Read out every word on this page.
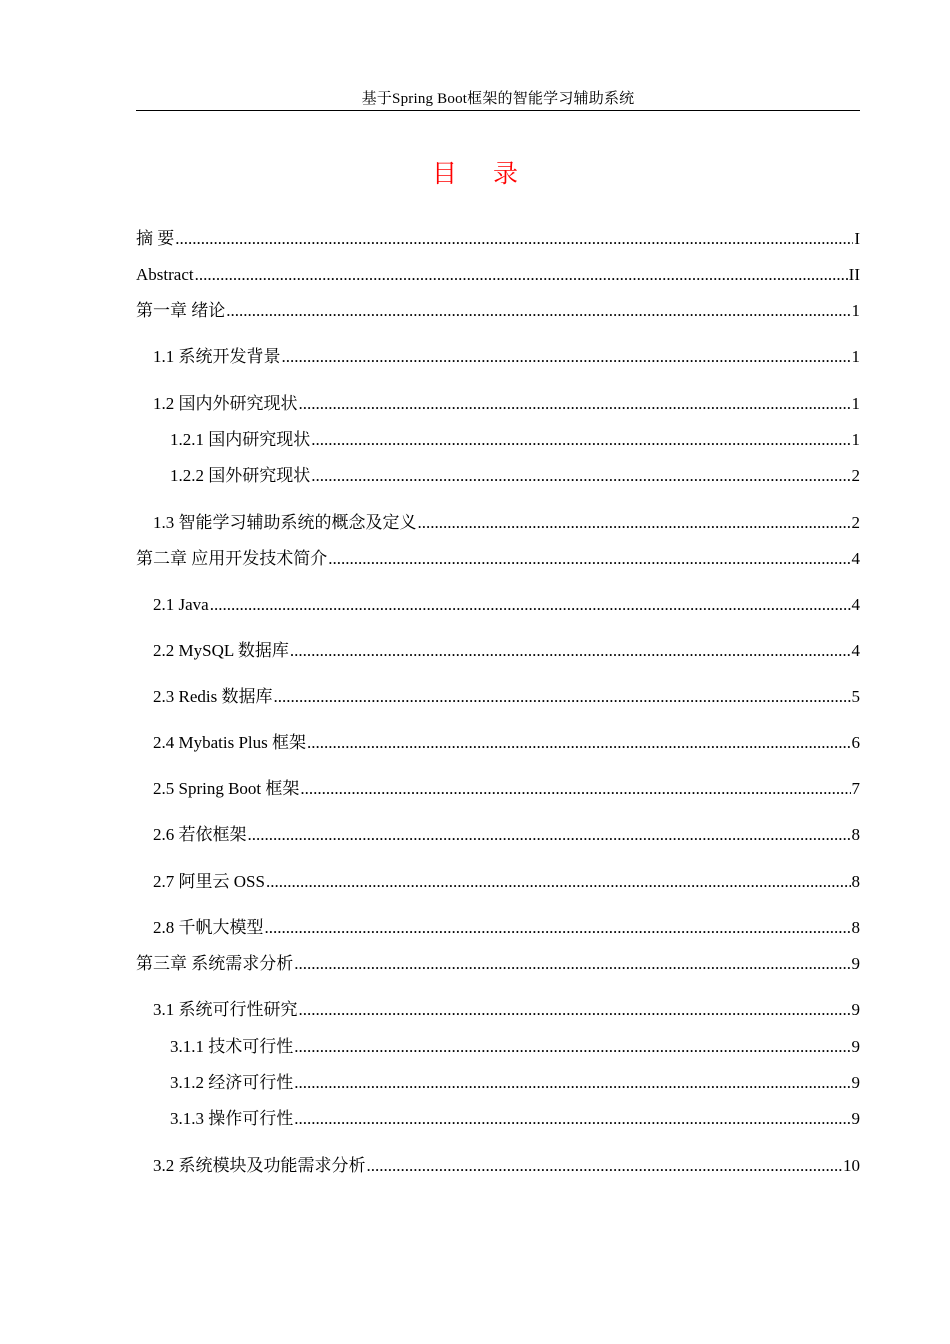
基于Spring Boot框架的智能学习辅助系统
目录
摘 要 .....	I
Abstract .....	II
第一章 绪论 .....	1
1.1 系统开发背景 .....	1
1.2 国内外研究现状 .....	1
1.2.1 国内研究现状 .....	1
1.2.2 国外研究现状 .....	2
1.3 智能学习辅助系统的概念及定义 .....	2
第二章 应用开发技术简介 .....	4
2.1 Java .....	4
2.2 MySQL 数据库 .....	4
2.3 Redis 数据库 .....	5
2.4 Mybatis Plus 框架 .....	6
2.5 Spring Boot 框架 .....	7
2.6 若依框架 .....	8
2.7 阿里云 OSS .....	8
2.8 千帆大模型 .....	8
第三章 系统需求分析 .....	9
3.1 系统可行性研究 .....	9
3.1.1 技术可行性 .....	9
3.1.2 经济可行性 .....	9
3.1.3 操作可行性 .....	9
3.2 系统模块及功能需求分析 .....	10
